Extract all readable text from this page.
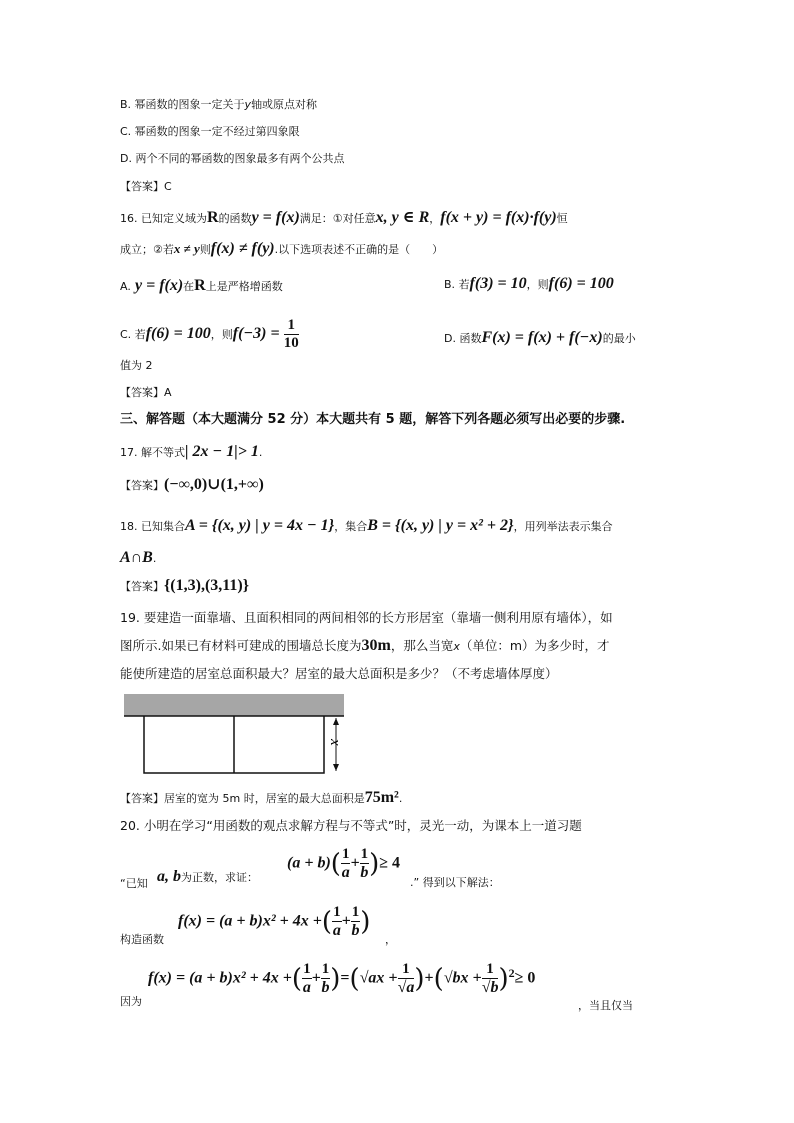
B. 幂函数的图象一定关于y轴或原点对称
C. 幂函数的图象一定不经过第四象限
D. 两个不同的幂函数的图象最多有两个公共点
【答案】C
16. 已知定义域为R的函数y = f(x)满足：①对任意x, y ∈ R，f(x + y) = f(x)·f(y)恒
成立；②若x ≠ y则f(x) ≠ f(y).以下选项表述不正确的是（　　）
A. y = f(x)在R上是严格增函数	B. 若f(3) = 10，则f(6) = 100
C. 若f(6) = 100，则$f(-3) = \frac{1}{10}$	D. 函数F(x) = f(x) + f(−x)的最小
值为 2
【答案】A
三、解答题（本大题满分 52 分）本大题共有 5 题，解答下列各题必须写出必要的步骤.
17. 解不等式| 2x − 1|> 1.
【答案】(−∞,0)∪(1,+∞)
18. 已知集合A = {(x, y) | y = 4x − 1}，集合B = {(x, y) | y = x² + 2}，用列举法表示集合
A∩B.
【答案】{(1,3),(3,11)}
19. 要建造一面靠墙、且面积相同的两间相邻的长方形居室（靠墙一侧利用原有墙体），如
图所示.如果已有材料可建成的围墙总长度为30m，那么当宽x（单位：m）为多少时，才
能使所建造的居室总面积最大？居室的最大总面积是多少？（不考虑墙体厚度）
x
【答案】居室的宽为 5m 时，居室的最大总面积是75m².
20. 小明在学习“用函数的观点求解方程与不等式”时，灵光一动，为课本上一道习题
“已知 a, b为正数，求证：
$(a + b)( \frac{1}{a} + \frac{1}{b}$ )≥ 4
.” 得到以下解法：
构造函数
f(x) = (a + b)x² + 4x +( $\frac{1}{a} + \frac{1}{b}$ )
，
因为
f(x) = (a + b)x² + 4x +( $\frac{1}{a} + \frac{1}{b} )=(√ax + \frac{1}{√a} )+(√bx + \frac{1}{√b} )^2\ge 0$
，当且仅当
